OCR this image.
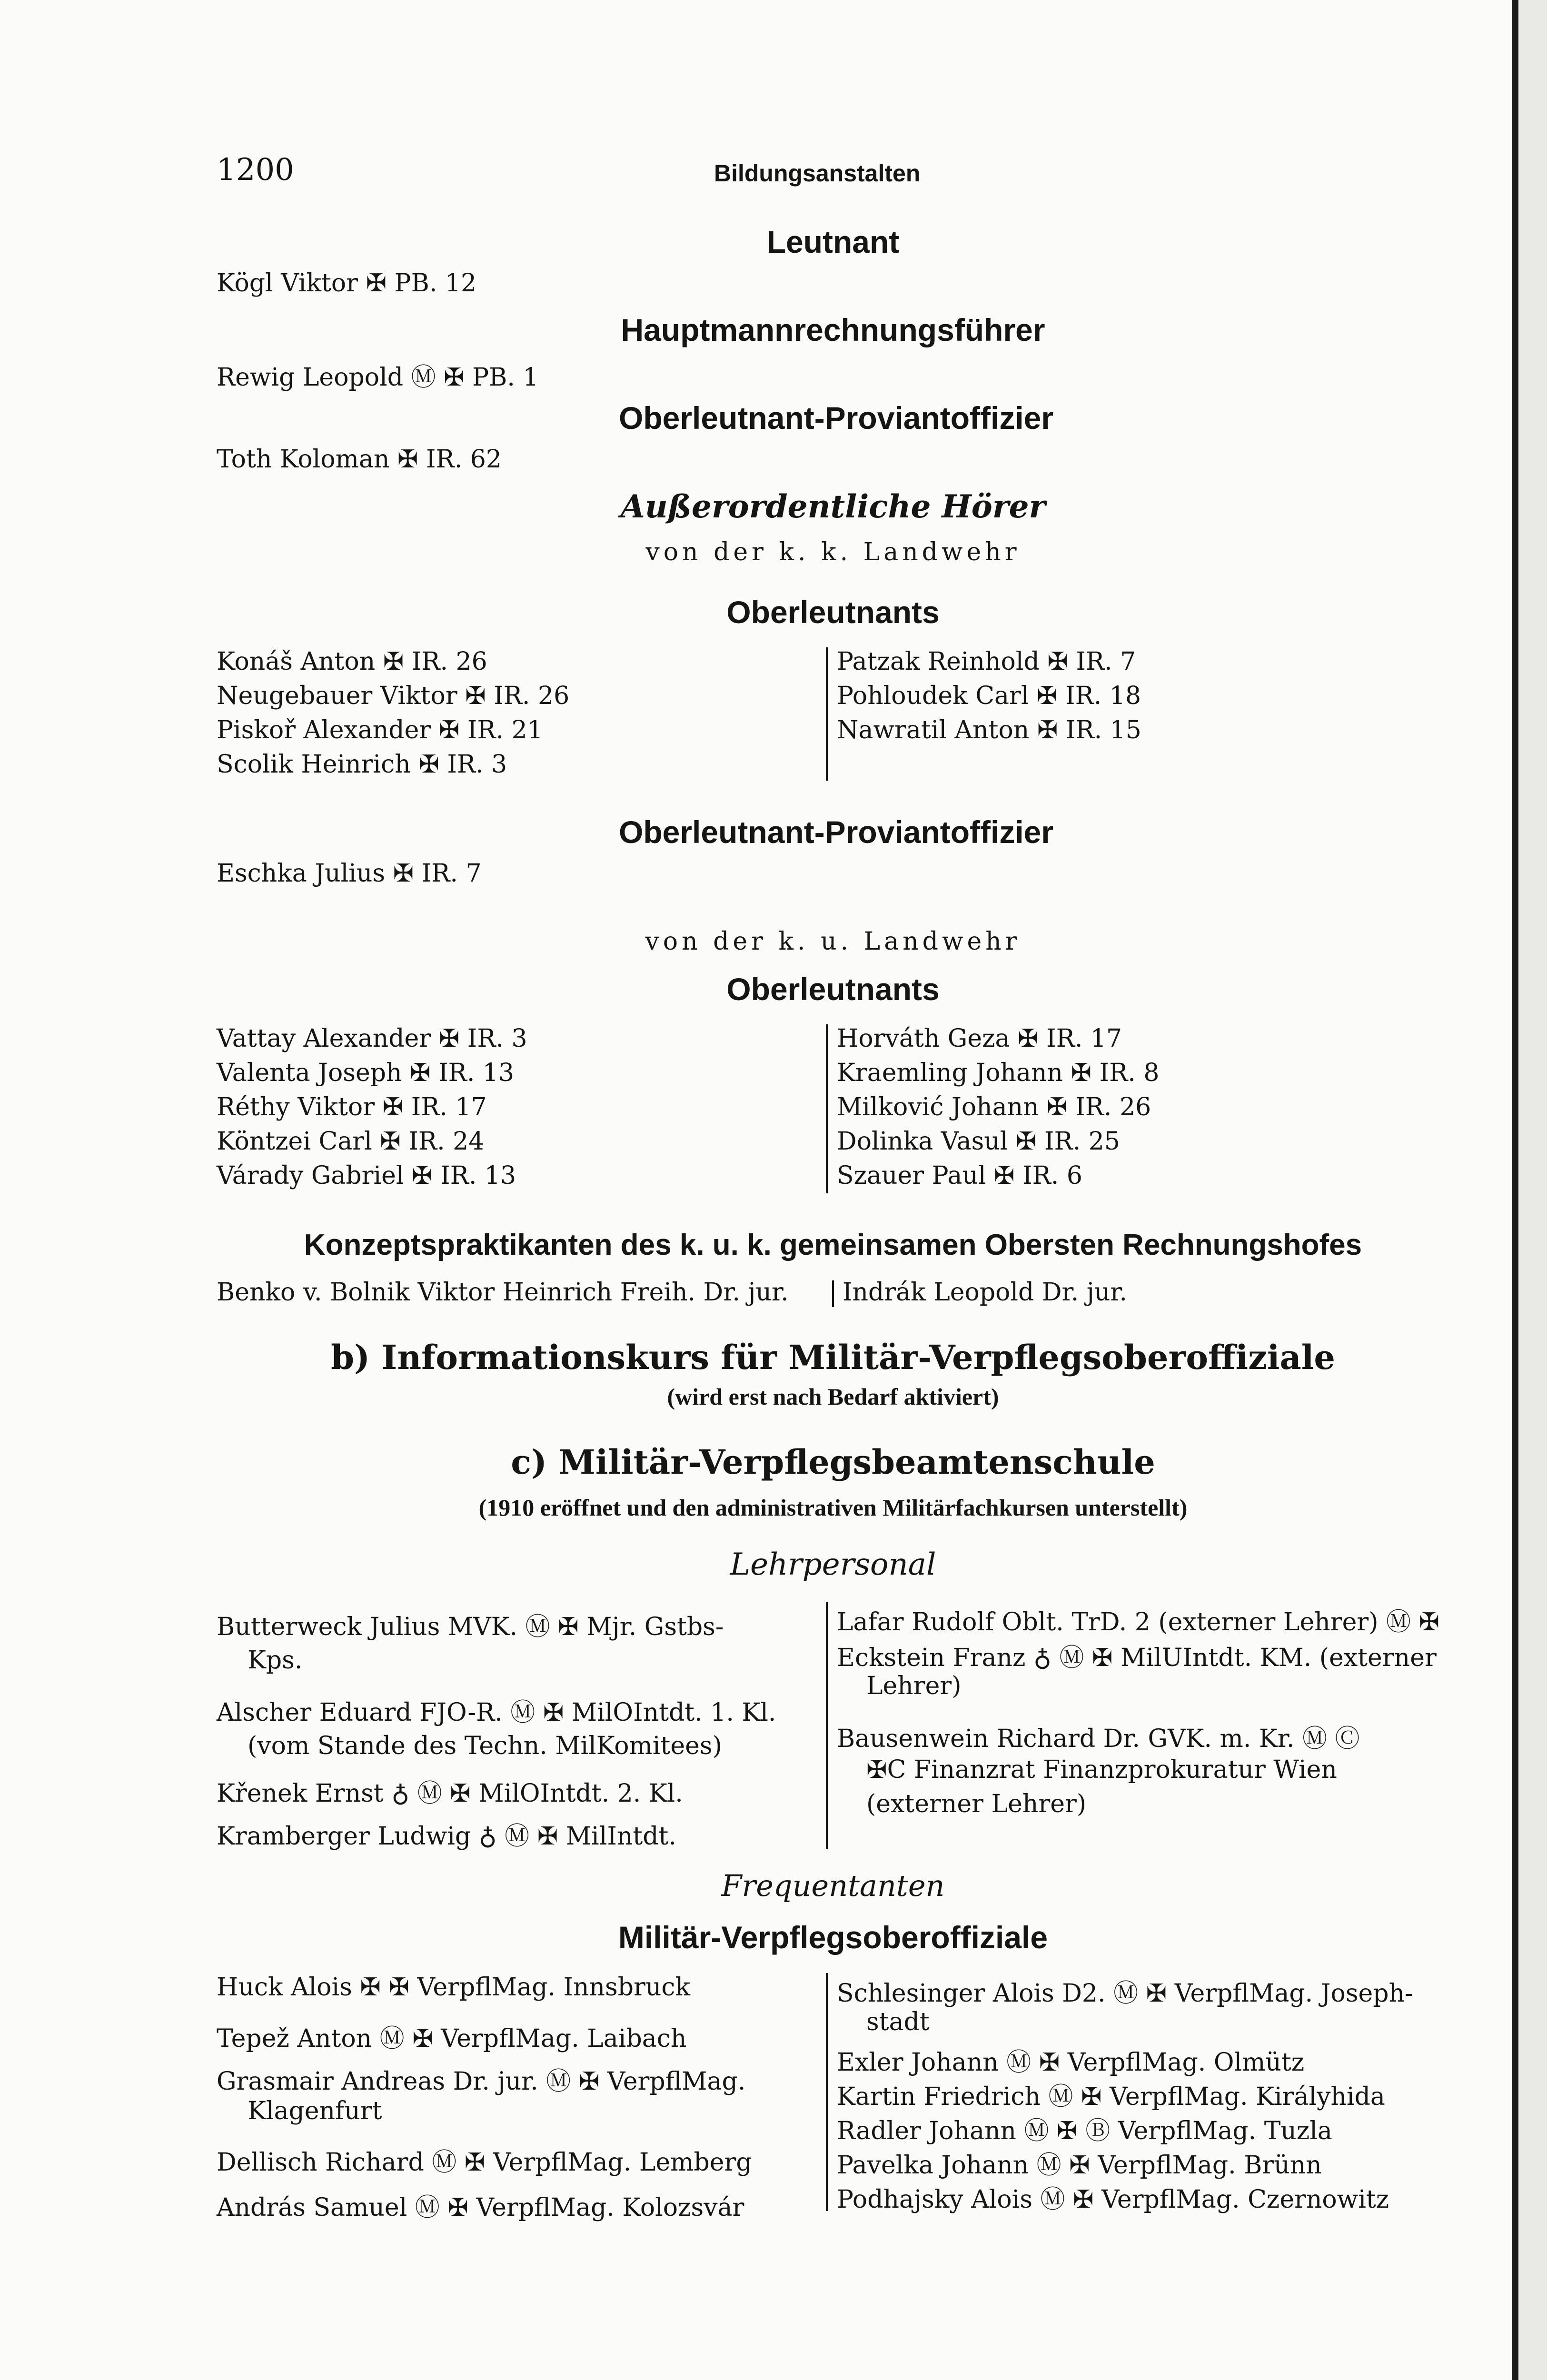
1200	Bildungsanstalten
Leutnant
Kögl Viktor ✠ PB. 12
Hauptmannrechnungsführer
Rewig Leopold Ⓜ ✠ PB. 1
Oberleutnant-Proviantoffizier
Toth Koloman ✠ IR. 62
Außerordentliche Hörer
von der k. k. Landwehr
Oberleutnants
Konáš Anton ✠ IR. 26
Neugebauer Viktor ✠ IR. 26
Piskoř Alexander ✠ IR. 21
Scolik Heinrich ✠ IR. 3
Patzak Reinhold ✠ IR. 7
Pohloudek Carl ✠ IR. 18
Nawratil Anton ✠ IR. 15
Oberleutnant-Proviantoffizier
Eschka Julius ✠ IR. 7
von der k. u. Landwehr
Oberleutnants
Vattay Alexander ✠ IR. 3
Valenta Joseph ✠ IR. 13
Réthy Viktor ✠ IR. 17
Köntzei Carl ✠ IR. 24
Várady Gabriel ✠ IR. 13
Horváth Geza ✠ IR. 17
Kraemling Johann ✠ IR. 8
Milković Johann ✠ IR. 26
Dolinka Vasul ✠ IR. 25
Szauer Paul ✠ IR. 6
Konzeptspraktikanten des k. u. k. gemeinsamen Obersten Rechnungshofes
Benko v. Bolnik Viktor Heinrich Freih. Dr. jur. Indrák Leopold Dr. jur.
b) Informationskurs für Militär-Verpflegsoberoffiziale
(wird erst nach Bedarf aktiviert)
c) Militär-Verpflegsbeamtenschule
(1910 eröffnet und den administrativen Militärfachkursen unterstellt)
Lehrpersonal
Butterweck Julius MVK. Ⓜ ✠ Mjr. Gstbs-
Kps.
Alscher Eduard FJO-R. Ⓜ ✠ MilOIntdt. 1. Kl.
(vom Stande des Techn. MilKomitees)
Křenek Ernst ♁ Ⓜ ✠ MilOIntdt. 2. Kl.
Kramberger Ludwig ♁ Ⓜ ✠ MilIntdt.
Lafar Rudolf Oblt. TrD. 2 (externer Lehrer) Ⓜ ✠
Eckstein Franz ♁ Ⓜ ✠ MilUIntdt. KM. (externer
Lehrer)
Bausenwein Richard Dr. GVK. m. Kr. Ⓜ Ⓒ
✠C Finanzrat Finanzprokuratur Wien
(externer Lehrer)
Frequentanten
Militär-Verpflegsoberoffiziale
Huck Alois ✠ ✠ VerpflMag. Innsbruck
Tepež Anton Ⓜ ✠ VerpflMag. Laibach
Grasmair Andreas Dr. jur. Ⓜ ✠ VerpflMag.
Klagenfurt
Dellisch Richard Ⓜ ✠ VerpflMag. Lemberg
András Samuel Ⓜ ✠ VerpflMag. Kolozsvár
Schlesinger Alois D2. Ⓜ ✠ VerpflMag. Joseph-
stadt
Exler Johann Ⓜ ✠ VerpflMag. Olmütz
Kartin Friedrich Ⓜ ✠ VerpflMag. Királyhida
Radler Johann Ⓜ ✠ Ⓑ VerpflMag. Tuzla
Pavelka Johann Ⓜ ✠ VerpflMag. Brünn
Podhajsky Alois Ⓜ ✠ VerpflMag. Czernowitz
